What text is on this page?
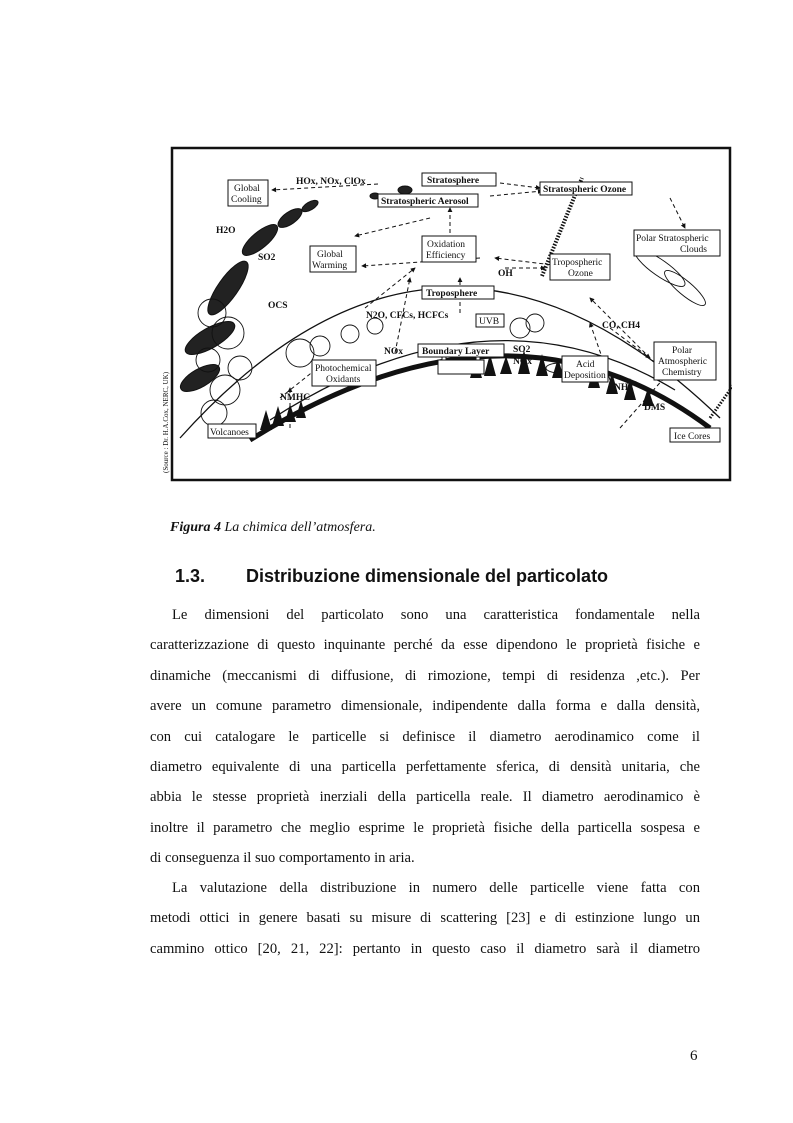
Stratosphere
Stratospheric Ozone
Stratospheric Aerosol
HOx, NOx, ClOx
Global
Cooling
H2O
SO2	Global
Warming
Oxidation
Efficiency
OH
Tropospheric
Ozone
Polar Stratospheric
Clouds
Troposphere
OCS
N2O, CFCs, HCFCs
UVB	CO, CH4
NOx Boundary Layer SO2
NOx	Acid
Deposition
Polar
Atmospheric
Chemistry
Photochemical
Oxidants
NMHC
NH3
DMS
Volcanoes	Ice Cores
(Source : Dr. H.A.Cox, NERC, UK)
Figura 4 La chimica dell’atmosfera.
1.3. Distribuzione dimensionale del particolato

Le dimensioni del particolato sono una caratteristica fondamentale nella
caratterizzazione di questo inquinante perché da esse dipendono le proprietà fisiche e
dinamiche (meccanismi di diffusione, di rimozione, tempi di residenza ,etc.). Per
avere un comune parametro dimensionale, indipendente dalla forma e dalla densità,
con cui catalogare le particelle si definisce il diametro aerodinamico come il
diametro equivalente di una particella perfettamente sferica, di densità unitaria, che
abbia le stesse proprietà inerziali della particella reale. Il diametro aerodinamico è
inoltre il parametro che meglio esprime le proprietà fisiche della particella sospesa e
di conseguenza il suo comportamento in aria.

La valutazione della distribuzione in numero delle particelle viene fatta con
metodi ottici in genere basati su misure di scattering [23] e di estinzione lungo un
cammino ottico [20, 21, 22]: pertanto in questo caso il diametro sarà il diametro

6
